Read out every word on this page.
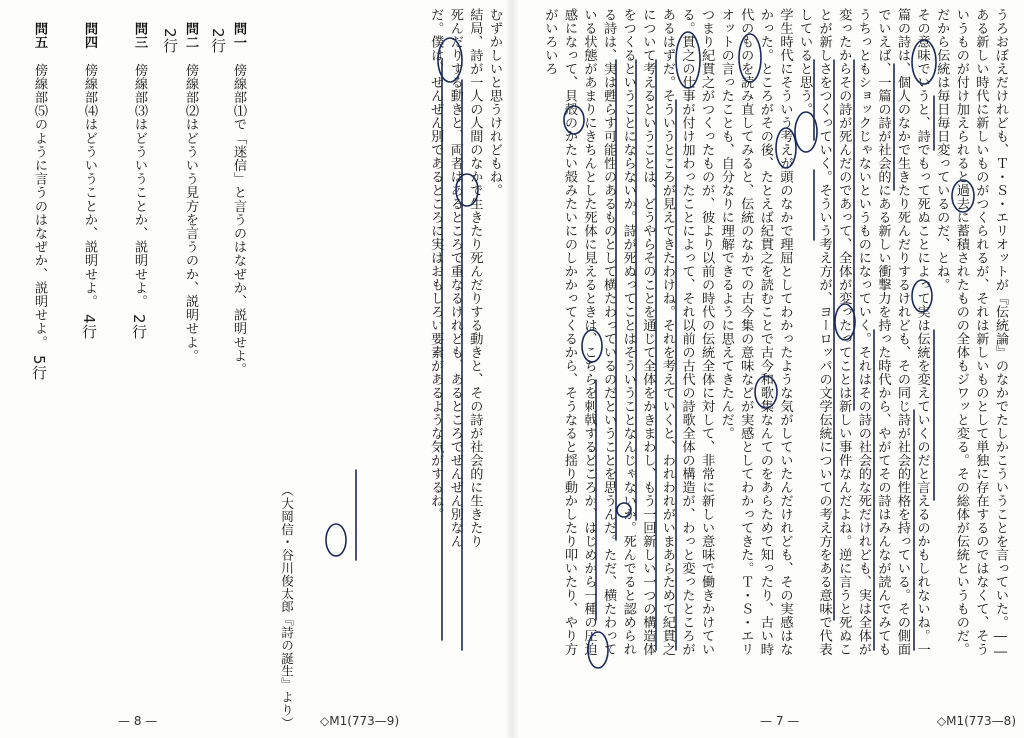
うろおぼえだけれども、Ｔ・Ｓ・エリオットが『伝統論』のなかでたしかこういうことを言っていた。――ある新しい時代に新しいものがつくられるが、それは新しいものとして単独に存在するのではなくて、そういうものが付け加えられると過去に蓄積されたものの全体もジワッと変る。その総体が伝統というものだ。だから伝統は毎日毎日変っているのだ、とね。
その意味でいうと、詩でもって死ぬことによって実は伝統を変えていくのだと言えるのかもしれないね。一篇の詩は、個人のなかで生きたり死んだりするけれども、その同じ詩が社会的性格を持っている。その側面でいえば、一篇の詩が社会的にある新しい衝撃力を持った時代から、やがてその詩はみんなが読んでみてもうちっともショックじゃないというものになっていく。それはその詩の社会的な死だけれども、実は全体が変ったからその詩が死んだのであって、全体が変ったってことは新しい事件なんだよね。逆に言うと死ぬことが新しさをつくっていく。そういう考え方が、ヨーロッパの文学伝統についての考え方をある意味で代表していると思う。
学生時代にそういう考えが頭のなかで理屈としてわかったような気がしていたんだけれども、その実感はなかった。ところがその後、たとえば紀貫之を読むことで古今和歌集なんてのをあらためて知ったり、古い時代のものを読み直してみると、伝統のなかでの古今集の意味などが実感としてわかってきた。Ｔ・Ｓ・エリオットの言ったことも、自分なりに理解できるように思えてきたんだ。
つまり紀貫之がつくったものが、彼より以前の時代の伝統全体に対して、非常に新しい意味で働きかけている。貫之の仕事が付け加わったことによって、それ以前の古代の詩歌全体の構造が、わっと変ったところがあるはずだ。そういうところが見えてきたわけね。それを考えていくと、われわれがいまあらためて紀貫之について考えるということは、どうやらそのことを通じて全体をかきまわし、もう一回新しい一つの構造体をつくるということにならないか。詩が死ぬってことはそういうことなんじゃないか。死んでると認められる詩は、実は甦らす可能性のあるものとして横たわっているのだということを思うんだ。ただ、横たわっている状態があまりにきちんとした死体に見えるときは、こちらを刺戟するどころか、はじめから一種の圧迫感になって、貝殻のかたい殻みたいにのしかかってくるから、そうなると揺り動かしたり叩いたり、やり方がいろいろ
むずかしいと思うけれどもね。
結局、詩が一人の人間のなかで生きたり死んだりする動きと、その詩が社会的に生きたり死んだりする動きと、両者はあるところで重なるけれども、あるところでぜんぜん別なんだ。僕は、ぜんぜん別であるところに実はおもしろい要素があるような気がするね。
（大岡信・谷川俊太郎『詩の誕生』より）
問一傍線部⑴で「迷信」と言うのはなぜか、説明せよ。2行
問二傍線部⑵はどういう見方を言うのか、説明せよ。2行
問三傍線部⑶はどういうことか、説明せよ。2行
問四傍線部⑷はどういうことか、説明せよ。4行
問五傍線部⑸のように言うのはなぜか、説明せよ。5行
— 8 —	◇M1(773—9)	— 7 —	◇M1(773—8)
